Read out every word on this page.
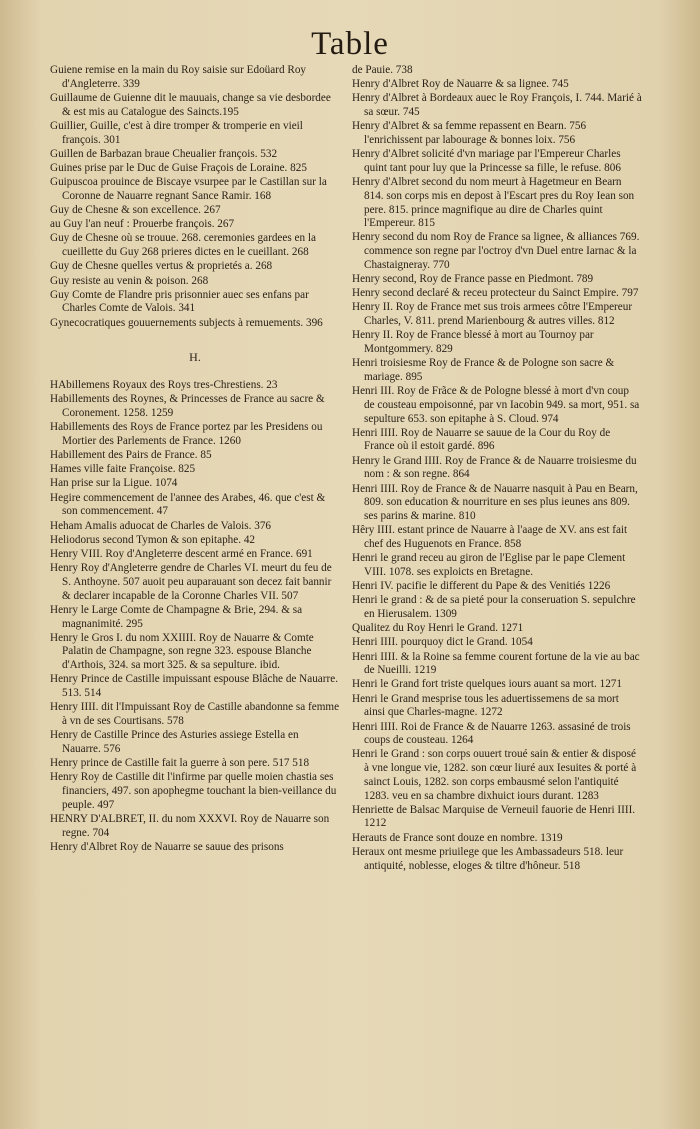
Table
Guiene remise en la main du Roy saisie sur Edoüard Roy d'Angleterre. 339
Guillaume de Guienne dit le mauuais, change sa vie desbordee & est mis au Catalogue des Saincts.195
Guillier, Guille, c'est à dire tromper & tromperie en vieil françois. 301
Guillen de Barbazan braue Cheualier françois. 532
Guines prise par le Duc de Guise Fraçois de Loraine. 825
Guipuscoa prouince de Biscaye vsurpee par le Castillan sur la Coronne de Nauarre regnant Sance Ramir. 168
Guy de Chesne & son excellence. 267
au Guy l'an neuf : Prouerbe françois. 267
Guy de Chesne où se trouue. 268. ceremonies gardees en la cueillette du Guy 268 prieres dictes en le cueillant. 268
Guy de Chesne quelles vertus & proprietés a. 268
Guy resiste au venin & poison. 268
Guy Comte de Flandre pris prisonnier auec ses enfans par Charles Comte de Valois. 341
Gynecocratiques gouuernements subjects à remuements. 396
H.
HAbillemens Royaux des Roys tres-Chrestiens. 23
Habillements des Roynes, & Princesses de France au sacre & Coronement. 1258. 1259
Habillements des Roys de France portez par les Presidens ou Mortier des Parlements de France. 1260
Habillement des Pairs de France. 85
Hames ville faite Françoise. 825
Han prise sur la Ligue. 1074
Hegire commencement de l'annee des Arabes, 46. que c'est & son commencement. 47
Heham Amalis aduocat de Charles de Valois. 376
Heliodorus second Tymon & son epitaphe. 42
Henry VIII. Roy d'Angleterre descent armé en France. 691
Henry Roy d'Angleterre gendre de Charles VI. meurt du feu de S. Anthoyne. 507 auoit peu auparauant son decez fait bannir & declarer incapable de la Coronne Charles VII. 507
Henry le Large Comte de Champagne & Brie, 294. & sa magnanimité. 295
Henry le Gros I. du nom XXIIII. Roy de Nauarre & Comte Palatin de Champagne, son regne 323. espouse Blanche d'Arthois, 324. sa mort 325. & sa sepulture. ibid.
Henry Prince de Castille impuissant espouse Blâche de Nauarre. 513. 514
Henry IIII. dit l'Impuissant Roy de Castille abandonne sa femme à vn de ses Courtisans. 578
Henry de Castille Prince des Asturies assiege Estella en Nauarre. 576
Henry prince de Castille fait la guerre à son pere. 517 518
Henry Roy de Castille dit l'infirme par quelle moien chastia ses financiers, 497. son apophegme touchant la bien-veillance du peuple. 497
HENRY D'ALBRET, II. du nom XXXVI. Roy de Nauarre son regne. 704
Henry d'Albret Roy de Nauarre se sauue des prisons
de Pauie. 738
Henry d'Albret Roy de Nauarre & sa lignee. 745
Henry d'Albret à Bordeaux auec le Roy François, I. 744. Marié à sa sœur. 745
Henry d'Albret & sa femme repassent en Bearn. 756 l'enrichissent par labourage & bonnes loix. 756
Henry d'Albret solicité d'vn mariage par l'Empereur Charles quint tant pour luy que la Princesse sa fille, le refuse. 806
Henry d'Albret second du nom meurt à Hagetmeur en Bearn 814. son corps mis en depost à l'Escart pres du Roy Iean son pere. 815. prince magnifique au dire de Charles quint l'Empereur. 815
Henry second du nom Roy de France sa lignee, & alliances 769. commence son regne par l'octroy d'vn Duel entre Iarnac & la Chastaigneray. 770
Henry second, Roy de France passe en Piedmont. 789
Henry second declaré & receu protecteur du Sainct Empire. 797
Henry II. Roy de France met sus trois armees côtre l'Empereur Charles, V. 811. prend Marienbourg & autres villes. 812
Henry II. Roy de France blessé à mort au Tournoy par Montgommery. 829
Henri troisiesme Roy de France & de Pologne son sacre & mariage. 895
Henri III. Roy de Frãce & de Pologne blessé à mort d'vn coup de cousteau empoisonné, par vn Iacobin 949. sa mort, 951. sa sepulture 653. son epitaphe à S. Cloud. 974
Henri IIII. Roy de Nauarre se sauue de la Cour du Roy de France où il estoit gardé. 896
Henry le Grand IIII. Roy de France & de Nauarre troisiesme du nom : & son regne. 864
Henri IIII. Roy de France & de Nauarre nasquit à Pau en Bearn, 809. son education & nourriture en ses plus ieunes ans 809. ses parins & marine. 810
Hêry IIII. estant prince de Nauarre à l'aage de XV. ans est fait chef des Huguenots en France. 858
Henri le grand receu au giron de l'Eglise par le pape Clement VIII. 1078. ses exploicts en Bretagne.
Henri IV. pacifie le different du Pape & des Venitiés 1226
Henri le grand : & de sa pieté pour la conseruation S. sepulchre en Hierusalem. 1309
Qualitez du Roy Henri le Grand. 1271
Henri IIII. pourquoy dict le Grand. 1054
Henri IIII. & la Roine sa femme courent fortune de la vie au bac de Nueilli. 1219
Henri le Grand fort triste quelques iours auant sa mort. 1271
Henri le Grand mesprise tous les aduertissemens de sa mort ainsi que Charles-magne. 1272
Henri IIII. Roi de France & de Nauarre 1263. assasiné de trois coups de cousteau. 1264
Henri le Grand : son corps ouuert troué sain & entier & disposé à vne longue vie, 1282. son cœur liuré aux Iesuites & porté à sainct Louis, 1282. son corps embausmé selon l'antiquité 1283. veu en sa chambre dixhuict iours durant. 1283
Henriette de Balsac Marquise de Verneuil fauorie de Henri IIII. 1212
Herauts de France sont douze en nombre. 1319
Heraux ont mesme priuilege que les Ambassadeurs 518. leur antiquité, noblesse, eloges & tiltre d'hôneur. 518
